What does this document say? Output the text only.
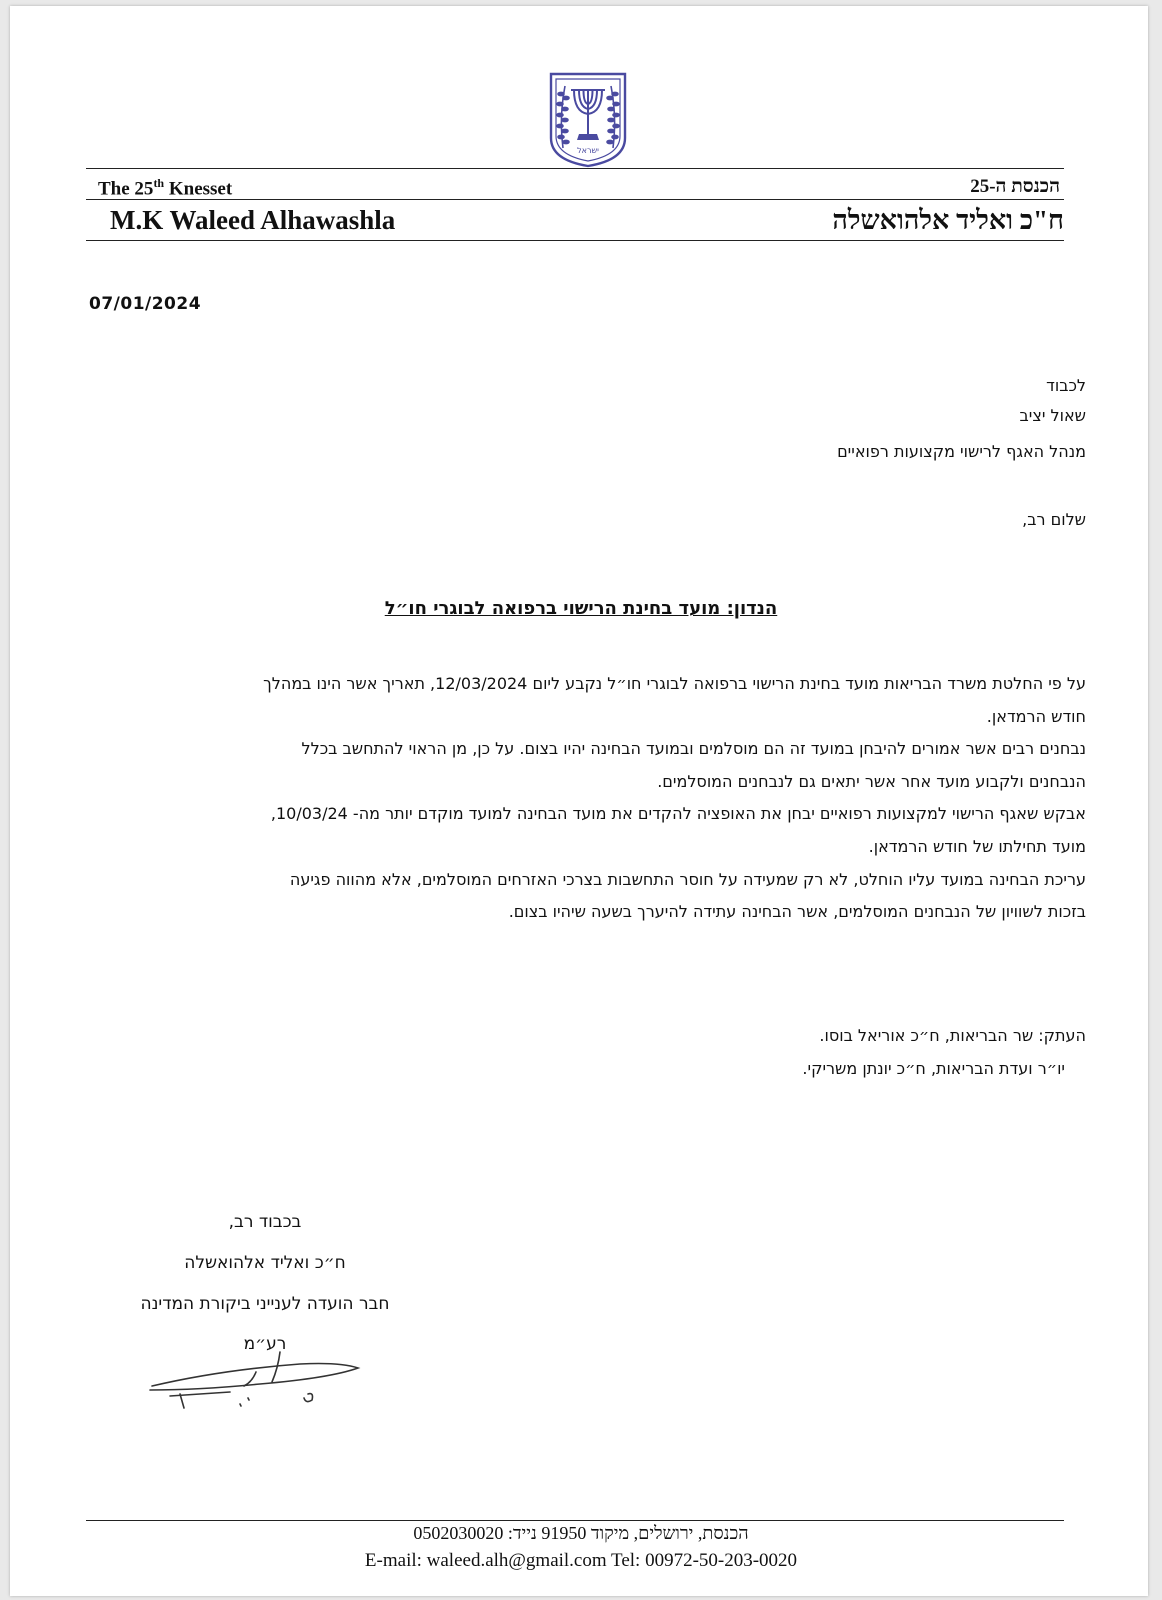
ישראל
The 25th Knesset	הכנסת ה-25
M.K Waleed Alhawashla	ח"כ ואליד אלהואשלה
07/01/2024
לכבוד
שאול יציב
מנהל האגף לרישוי מקצועות רפואיים
שלום רב,
הנדון: מועד בחינת הרישוי ברפואה לבוגרי חו״ל

על פי החלטת משרד הבריאות מועד בחינת הרישוי ברפואה לבוגרי חו״ל נקבע ליום 12/03/2024, תאריך אשר הינו במהלך

חודש הרמדאן.

נבחנים רבים אשר אמורים להיבחן במועד זה הם מוסלמים ובמועד הבחינה יהיו בצום. על כן, מן הראוי להתחשב בכלל

הנבחנים ולקבוע מועד אחר אשר יתאים גם לנבחנים המוסלמים.

אבקש שאגף הרישוי למקצועות רפואיים יבחן את האופציה להקדים את מועד הבחינה למועד מוקדם יותר מה- 10/03/24,

מועד תחילתו של חודש הרמדאן.

עריכת הבחינה במועד עליו הוחלט, לא רק שמעידה על חוסר התחשבות בצרכי האזרחים המוסלמים, אלא מהווה פגיעה

בזכות לשוויון של הנבחנים המוסלמים, אשר הבחינה עתידה להיערך בשעה שיהיו בצום.

העתק: שר הבריאות, ח״כ אוריאל בוסו.
יו״ר ועדת הבריאות, ח״כ יונתן משריקי.
בכבוד רב,
ח״כ ואליד אלהואשלה
חבר הועדה לענייני ביקורת המדינה
רע״מ
הכנסת, ירושלים, מיקוד 91950 נייד: 0502030020
E-mail: waleed.alh@gmail.com Tel: 00972-50-203-0020
